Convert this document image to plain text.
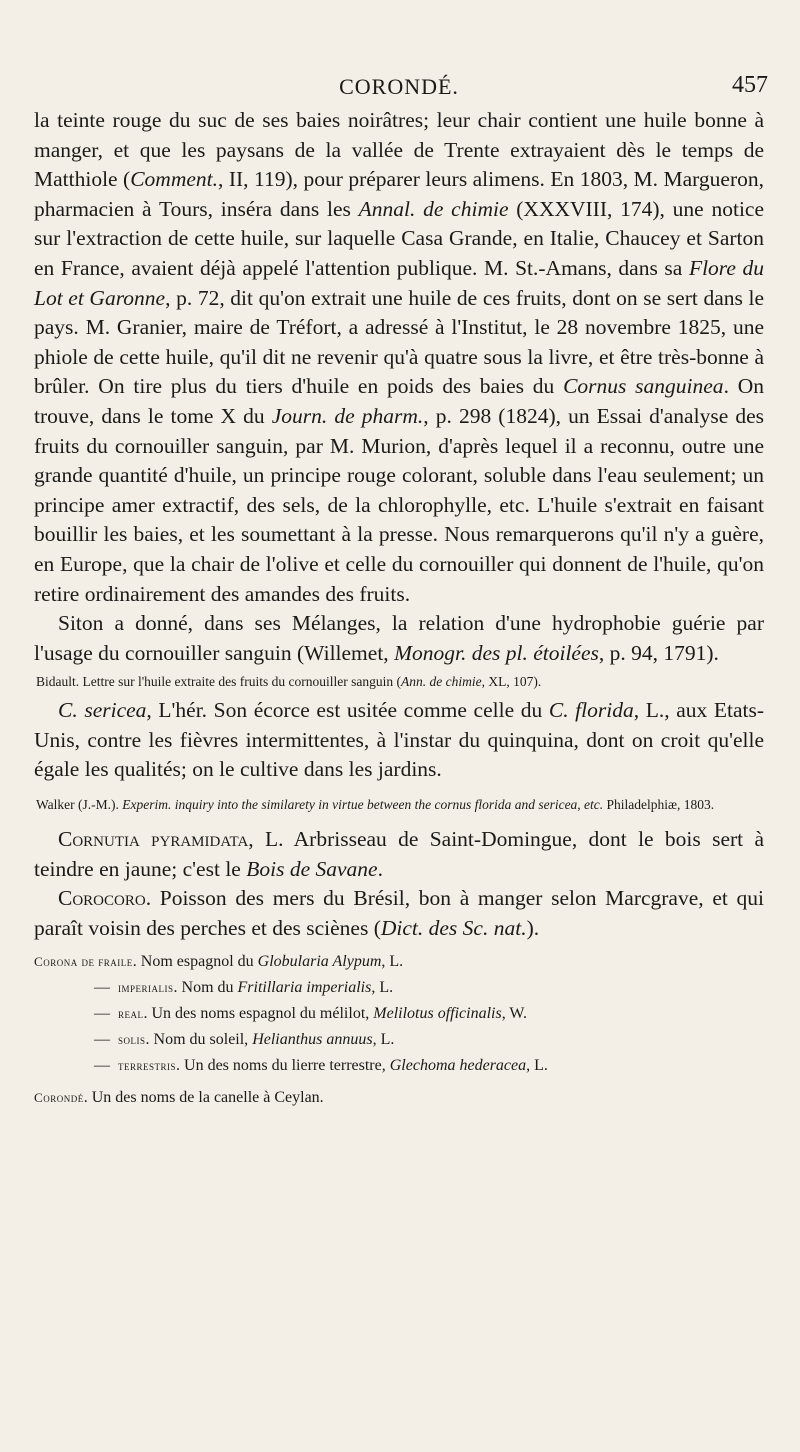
CORONDÉ.	457

la teinte rouge du suc de ses baies noirâtres; leur chair contient une huile bonne à manger, et que les paysans de la vallée de Trente extrayaient dès le temps de Matthiole (Comment., II, 119), pour préparer leurs alimens. En 1803, M. Margueron, pharmacien à Tours, inséra dans les Annal. de chimie (XXXVIII, 174), une notice sur l'extraction de cette huile, sur laquelle Casa Grande, en Italie, Chaucey et Sarton en France, avaient déjà appelé l'attention publique. M. St.-Amans, dans sa Flore du Lot et Garonne, p. 72, dit qu'on extrait une huile de ces fruits, dont on se sert dans le pays. M. Granier, maire de Tréfort, a adressé à l'Institut, le 28 novembre 1825, une phiole de cette huile, qu'il dit ne revenir qu'à quatre sous la livre, et être très-bonne à brûler. On tire plus du tiers d'huile en poids des baies du Cornus sanguinea. On trouve, dans le tome X du Journ. de pharm., p. 298 (1824), un Essai d'analyse des fruits du cornouiller sanguin, par M. Murion, d'après lequel il a reconnu, outre une grande quantité d'huile, un principe rouge colorant, soluble dans l'eau seulement; un principe amer extractif, des sels, de la chlorophylle, etc. L'huile s'extrait en faisant bouillir les baies, et les soumettant à la presse. Nous remarquerons qu'il n'y a guère, en Europe, que la chair de l'olive et celle du cornouiller qui donnent de l'huile, qu'on retire ordinairement des amandes des fruits.

Siton a donné, dans ses Mélanges, la relation d'une hydrophobie guérie par l'usage du cornouiller sanguin (Willemet, Monogr. des pl. étoilées, p. 94, 1791).

Bidault. Lettre sur l'huile extraite des fruits du cornouiller sanguin (Ann. de chimie, XL, 107).

C. sericea, L'hér. Son écorce est usitée comme celle du C. florida, L., aux Etats-Unis, contre les fièvres intermittentes, à l'instar du quinquina, dont on croit qu'elle égale les qualités; on le cultive dans les jardins.

Walker (J.-M.). Experim. inquiry into the similarety in virtue between the cornus florida and sericea, etc. Philadelphiæ, 1803.

Cornutia pyramidata, L. Arbrisseau de Saint-Domingue, dont le bois sert à teindre en jaune; c'est le Bois de Savane.

Corocoro. Poisson des mers du Brésil, bon à manger selon Marcgrave, et qui paraît voisin des perches et des sciènes (Dict. des Sc. nat.).

Corona de fraile. Nom espagnol du Globularia Alypum, L.

— imperialis. Nom du Fritillaria imperialis, L.

— real. Un des noms espagnol du mélilot, Melilotus officinalis, W.

— solis. Nom du soleil, Helianthus annuus, L.

— terrestris. Un des noms du lierre terrestre, Glechoma hederacea, L.

Corondé. Un des noms de la canelle à Ceylan.
